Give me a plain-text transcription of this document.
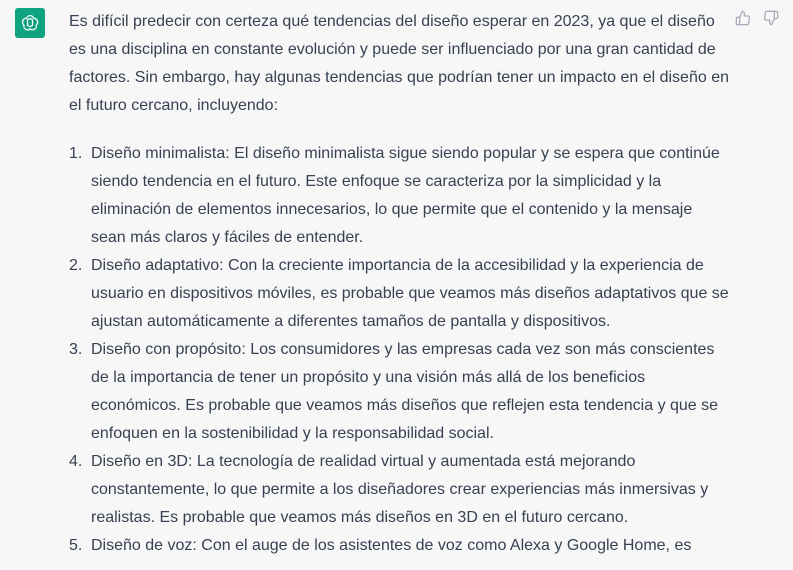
Es difícil predecir con certeza qué tendencias del diseño esperar en 2023, ya que el diseño es una disciplina en constante evolución y puede ser influenciado por una gran cantidad de factores. Sin embargo, hay algunas tendencias que podrían tener un impacto en el diseño en el futuro cercano, incluyendo:

1. Diseño minimalista: El diseño minimalista sigue siendo popular y se espera que continúe siendo tendencia en el futuro. Este enfoque se caracteriza por la simplicidad y la eliminación de elementos innecesarios, lo que permite que el contenido y la mensaje sean más claros y fáciles de entender.
2. Diseño adaptativo: Con la creciente importancia de la accesibilidad y la experiencia de usuario en dispositivos móviles, es probable que veamos más diseños adaptativos que se ajustan automáticamente a diferentes tamaños de pantalla y dispositivos.
3. Diseño con propósito: Los consumidores y las empresas cada vez son más conscientes de la importancia de tener un propósito y una visión más allá de los beneficios económicos. Es probable que veamos más diseños que reflejen esta tendencia y que se enfoquen en la sostenibilidad y la responsabilidad social.
4. Diseño en 3D: La tecnología de realidad virtual y aumentada está mejorando constantemente, lo que permite a los diseñadores crear experiencias más inmersivas y realistas. Es probable que veamos más diseños en 3D en el futuro cercano.
5. Diseño de voz: Con el auge de los asistentes de voz como Alexa y Google Home, es
